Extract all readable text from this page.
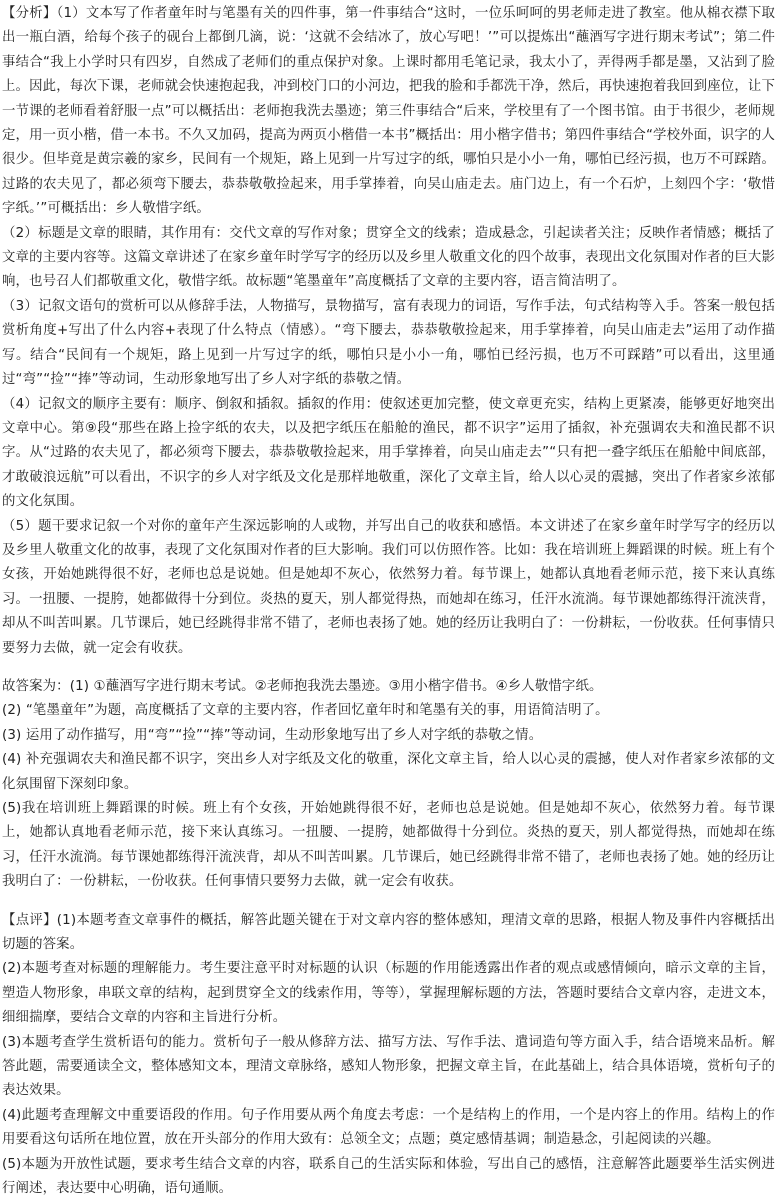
【分析】（1）文本写了作者童年时与笔墨有关的四件事，第一件事结合“这时，一位乐呵呵的男老师走进了教室。他从棉衣襟下取出一瓶白酒，给每个孩子的砚台上都倒几滴，说：‘这就不会结冰了，放心写吧！’”可以提炼出“蘸酒写字进行期末考试”；第二件事结合“我上小学时只有四岁，自然成了老师们的重点保护对象。上课时都用毛笔记录，我太小了，弄得两手都是墨，又沾到了脸上。因此，每次下课，老师就会快速抱起我，冲到校门口的小河边，把我的脸和手都洗干净，然后，再快速抱着我回到座位，让下一节课的老师看着舒服一点”可以概括出：老师抱我洗去墨迹；第三件事结合“后来，学校里有了一个图书馆。由于书很少，老师规定，用一页小楷，借一本书。不久又加码，提高为两页小楷借一本书”概括出：用小楷字借书；第四件事结合“学校外面，识字的人很少。但毕竟是黄宗羲的家乡，民间有一个规矩，路上见到一片写过字的纸，哪怕只是小小一角，哪怕已经污损，也万不可踩踏。过路的农夫见了，都必须弯下腰去，恭恭敬敬捡起来，用手掌捧着，向吴山庙走去。庙门边上，有一个石炉，上刻四个字：‘敬惜字纸。’”可概括出：乡人敬惜字纸。

（2）标题是文章的眼睛，其作用有：交代文章的写作对象；贯穿全文的线索；造成悬念，引起读者关注；反映作者情感；概括了文章的主要内容等。这篇文章讲述了在家乡童年时学写字的经历以及乡里人敬重文化的四个故事，表现出文化氛围对作者的巨大影响，也号召人们都敬重文化，敬惜字纸。故标题“笔墨童年”高度概括了文章的主要内容，语言简洁明了。

（3）记叙文语句的赏析可以从修辞手法，人物描写，景物描写，富有表现力的词语，写作手法，句式结构等入手。答案一般包括赏析角度+写出了什么内容+表现了什么特点（情感）。“弯下腰去，恭恭敬敬捡起来，用手掌捧着，向吴山庙走去”运用了动作描写。结合“民间有一个规矩，路上见到一片写过字的纸，哪怕只是小小一角，哪怕已经污损，也万不可踩踏”可以看出，这里通过“弯”“捡”“捧”等动词，生动形象地写出了乡人对字纸的恭敬之情。

（4）记叙文的顺序主要有：顺序、倒叙和插叙。插叙的作用：使叙述更加完整，使文章更充实，结构上更紧凑，能够更好地突出文章中心。第⑨段“那些在路上捡字纸的农夫，以及把字纸压在船舱的渔民，都不识字”运用了插叙，补充强调农夫和渔民都不识字。从“过路的农夫见了，都必须弯下腰去，恭恭敬敬捡起来，用手掌捧着，向吴山庙走去”“只有把一叠字纸压在船舱中间底部，才敢破浪远航”可以看出，不识字的乡人对字纸及文化是那样地敬重，深化了文章主旨，给人以心灵的震撼，突出了作者家乡浓郁的文化氛围。

（5）题干要求记叙一个对你的童年产生深远影响的人或物，并写出自己的收获和感悟。本文讲述了在家乡童年时学写字的经历以及乡里人敬重文化的故事，表现了文化氛围对作者的巨大影响。我们可以仿照作答。比如：我在培训班上舞蹈课的时候。班上有个女孩，开始她跳得很不好，老师也总是说她。但是她却不灰心，依然努力着。每节课上，她都认真地看老师示范，接下来认真练习。一扭腰、一提胯，她都做得十分到位。炎热的夏天，别人都觉得热，而她却在练习，任汗水流淌。每节课她都练得汗流浃背，却从不叫苦叫累。几节课后，她已经跳得非常不错了，老师也表扬了她。她的经历让我明白了：一份耕耘，一份收获。任何事情只要努力去做，就一定会有收获。

故答案为：(1) ①蘸酒写字进行期末考试。②老师抱我洗去墨迹。③用小楷字借书。④乡人敬惜字纸。

(2) “笔墨童年”为题，高度概括了文章的主要内容，作者回忆童年时和笔墨有关的事，用语简洁明了。

(3) 运用了动作描写，用“弯”“捡”“捧”等动词，生动形象地写出了乡人对字纸的恭敬之情。

(4) 补充强调农夫和渔民都不识字，突出乡人对字纸及文化的敬重，深化文章主旨，给人以心灵的震撼，使人对作者家乡浓郁的文化氛围留下深刻印象。

(5)我在培训班上舞蹈课的时候。班上有个女孩，开始她跳得很不好，老师也总是说她。但是她却不灰心，依然努力着。每节课上，她都认真地看老师示范，接下来认真练习。一扭腰、一提胯，她都做得十分到位。炎热的夏天，别人都觉得热，而她却在练习，任汗水流淌。每节课她都练得汗流浃背，却从不叫苦叫累。几节课后，她已经跳得非常不错了，老师也表扬了她。她的经历让我明白了：一份耕耘，一份收获。任何事情只要努力去做，就一定会有收获。

【点评】(1)本题考查文章事件的概括，解答此题关键在于对文章内容的整体感知，理清文章的思路，根据人物及事件内容概括出切题的答案。

(2)本题考查对标题的理解能力。考生要注意平时对标题的认识（标题的作用能透露出作者的观点或感情倾向，暗示文章的主旨，塑造人物形象，串联文章的结构，起到贯穿全文的线索作用，等等），掌握理解标题的方法，答题时要结合文章内容，走进文本，细细揣摩，要结合文章的内容和主旨进行分析。

(3)本题考查学生赏析语句的能力。赏析句子一般从修辞方法、描写方法、写作手法、遣词造句等方面入手，结合语境来品析。解答此题，需要通读全文，整体感知文本，理清文章脉络，感知人物形象，把握文章主旨，在此基础上，结合具体语境，赏析句子的表达效果。

(4)此题考查理解文中重要语段的作用。句子作用要从两个角度去考虑：一个是结构上的作用，一个是内容上的作用。结构上的作用要看这句话所在地位置，放在开头部分的作用大致有：总领全文；点题；奠定感情基调；制造悬念，引起阅读的兴趣。

(5)本题为开放性试题，要求考生结合文章的内容，联系自己的生活实际和体验，写出自己的感悟，注意解答此题要举生活实例进行阐述，表达要中心明确，语句通顺。
